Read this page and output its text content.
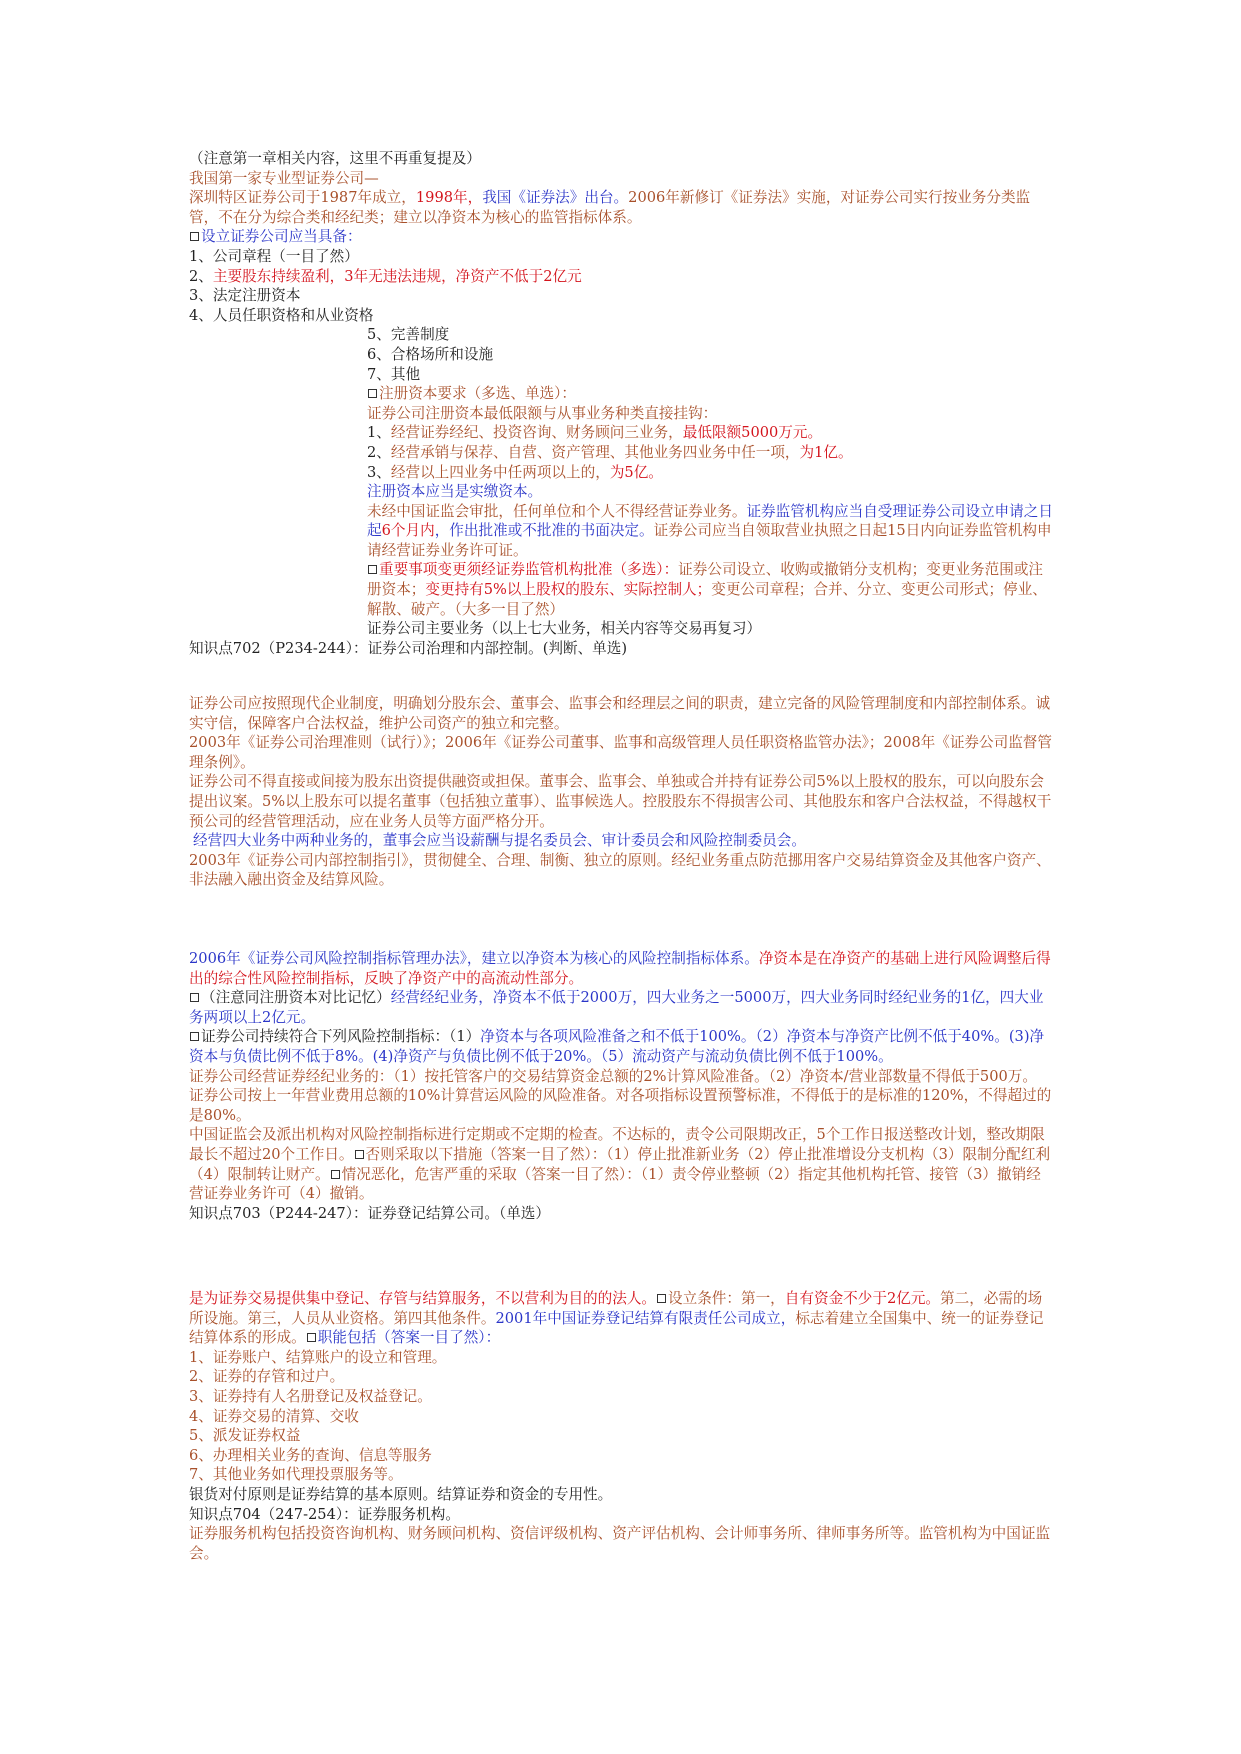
（注意第一章相关内容，这里不再重复提及）

我国第一家专业型证券公司—

深圳特区证券公司于1987年成立，1998年，我国《证券法》出台。2006年新修订《证券法》实施，对证券公司实行按业务分类监管，不在分为综合类和经纪类；建立以净资本为核心的监管指标体系。

设立证券公司应当具备：

1、公司章程（一目了然）

2、主要股东持续盈利，3年无违法违规，净资产不低于2亿元

3、法定注册资本

4、人员任职资格和从业资格

5、完善制度

6、合格场所和设施

7、其他

注册资本要求（多选、单选）：

证券公司注册资本最低限额与从事业务种类直接挂钩：

1、经营证券经纪、投资咨询、财务顾问三业务，最低限额5000万元。

2、经营承销与保荐、自营、资产管理、其他业务四业务中任一项，为1亿。

3、经营以上四业务中任两项以上的，为5亿。

注册资本应当是实缴资本。

未经中国证监会审批，任何单位和个人不得经营证券业务。证券监管机构应当自受理证券公司设立申请之日起6个月内，作出批准或不批准的书面决定。证券公司应当自领取营业执照之日起15日内向证券监管机构申请经营证券业务许可证。

重要事项变更须经证券监管机构批准（多选）：证券公司设立、收购或撤销分支机构；变更业务范围或注册资本；变更持有5%以上股权的股东、实际控制人；变更公司章程；合并、分立、变更公司形式；停业、解散、破产。（大多一目了然）

证券公司主要业务（以上七大业务，相关内容等交易再复习）

知识点702（P234-244）：证券公司治理和内部控制。(判断、单选)

证券公司应按照现代企业制度，明确划分股东会、董事会、监事会和经理层之间的职责，建立完备的风险管理制度和内部控制体系。诚实守信，保障客户合法权益，维护公司资产的独立和完整。

2003年《证券公司治理准则（试行）》；2006年《证券公司董事、监事和高级管理人员任职资格监管办法》；2008年《证券公司监督管理条例》。

证券公司不得直接或间接为股东出资提供融资或担保。董事会、监事会、单独或合并持有证券公司5%以上股权的股东，可以向股东会提出议案。5%以上股东可以提名董事（包括独立董事）、监事候选人。控股股东不得损害公司、其他股东和客户合法权益，不得越权干预公司的经营管理活动，应在业务人员等方面严格分开。

经营四大业务中两种业务的，董事会应当设薪酬与提名委员会、审计委员会和风险控制委员会。

2003年《证券公司内部控制指引》，贯彻健全、合理、制衡、独立的原则。经纪业务重点防范挪用客户交易结算资金及其他客户资产、非法融入融出资金及结算风险。

2006年《证券公司风险控制指标管理办法》，建立以净资本为核心的风险控制指标体系。净资本是在净资产的基础上进行风险调整后得出的综合性风险控制指标，反映了净资产中的高流动性部分。

（注意同注册资本对比记忆）经营经纪业务，净资本不低于2000万，四大业务之一5000万，四大业务同时经纪业务的1亿，四大业务两项以上2亿元。

证券公司持续符合下列风险控制指标：（1）净资本与各项风险准备之和不低于100%。（2）净资本与净资产比例不低于40%。(3)净资本与负债比例不低于8%。(4)净资产与负债比例不低于20%。（5）流动资产与流动负债比例不低于100%。

证券公司经营证券经纪业务的：（1）按托管客户的交易结算资金总额的2%计算风险准备。（2）净资本/营业部数量不得低于500万。

证券公司按上一年营业费用总额的10%计算营运风险的风险准备。对各项指标设置预警标准，不得低于的是标准的120%，不得超过的是80%。

中国证监会及派出机构对风险控制指标进行定期或不定期的检查。不达标的，责令公司限期改正，5个工作日报送整改计划，整改期限最长不超过20个工作日。 否则采取以下措施（答案一目了然）：（1）停止批准新业务（2）停止批准增设分支机构（3）限制分配红利（4）限制转让财产。 情况恶化，危害严重的采取（答案一目了然）：（1）责令停业整顿（2）指定其他机构托管、接管（3）撤销经营证券业务许可（4）撤销。

知识点703（P244-247）：证券登记结算公司。（单选）

是为证券交易提供集中登记、存管与结算服务，不以营利为目的的法人。 设立条件：第一，自有资金不少于2亿元。第二，必需的场所设施。第三，人员从业资格。第四其他条件。2001年中国证券登记结算有限责任公司成立，标志着建立全国集中、统一的证券登记结算体系的形成。 职能包括（答案一目了然）：

1、证券账户、结算账户的设立和管理。

2、证券的存管和过户。

3、证券持有人名册登记及权益登记。

4、证券交易的清算、交收

5、派发证券权益

6、办理相关业务的查询、信息等服务

7、其他业务如代理投票服务等。

银货对付原则是证券结算的基本原则。结算证券和资金的专用性。

知识点704（247-254）：证券服务机构。

证券服务机构包括投资咨询机构、财务顾问机构、资信评级机构、资产评估机构、会计师事务所、律师事务所等。监管机构为中国证监会。
